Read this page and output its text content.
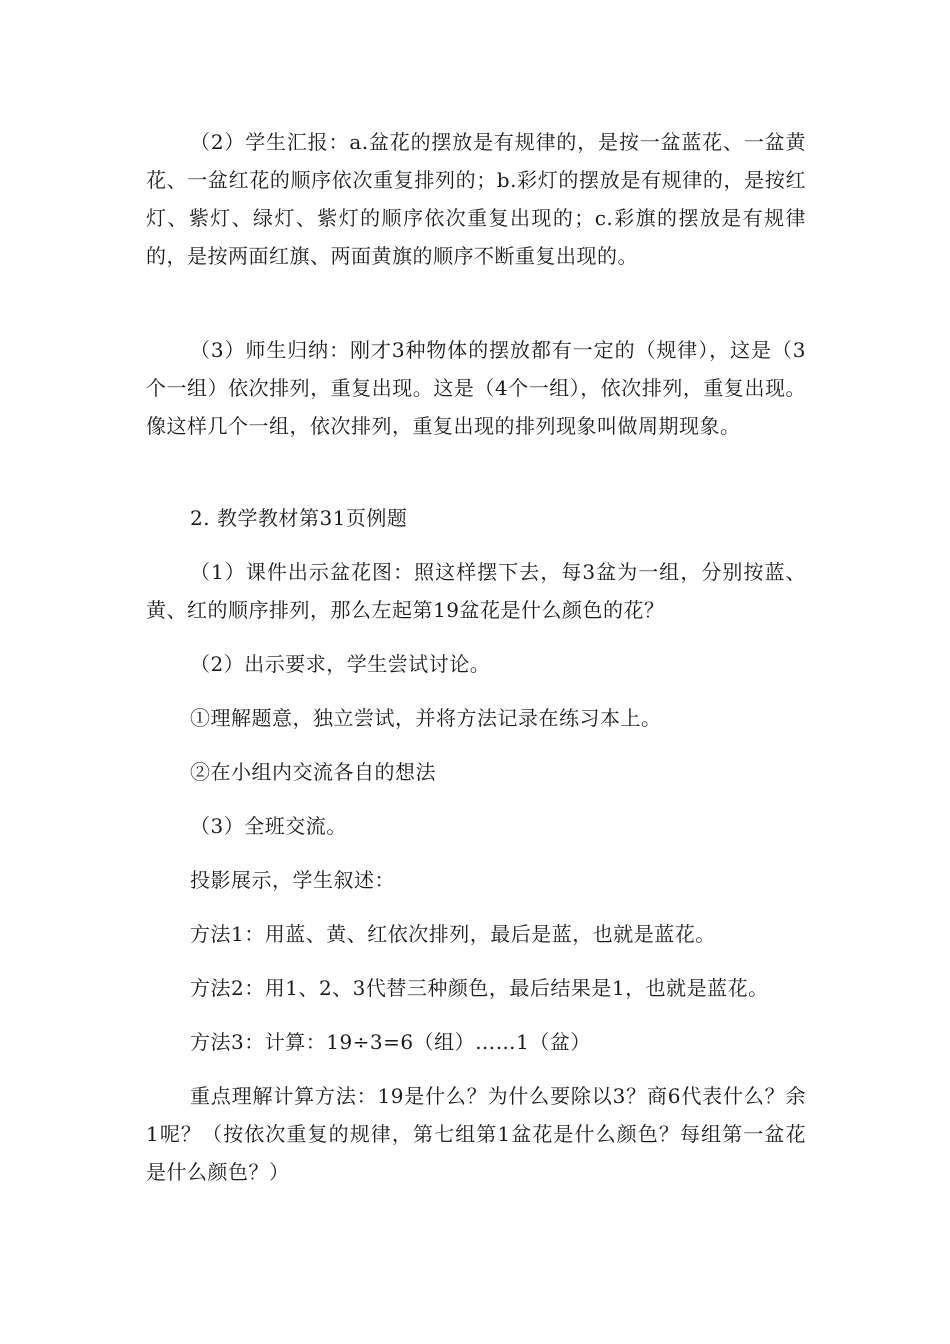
（2）学生汇报：a.盆花的摆放是有规律的，是按一盆蓝花、一盆黄花、一盆红花的顺序依次重复排列的；b.彩灯的摆放是有规律的，是按红灯、紫灯、绿灯、紫灯的顺序依次重复出现的；c.彩旗的摆放是有规律的，是按两面红旗、两面黄旗的顺序不断重复出现的。

（3）师生归纳：刚才3种物体的摆放都有一定的（规律），这是（3个一组）依次排列，重复出现。这是（4个一组），依次排列，重复出现。像这样几个一组，依次排列，重复出现的排列现象叫做周期现象。

2. 教学教材第31页例题

（1）课件出示盆花图：照这样摆下去，每3盆为一组，分别按蓝、黄、红的顺序排列，那么左起第19盆花是什么颜色的花？

（2）出示要求，学生尝试讨论。

①理解题意，独立尝试，并将方法记录在练习本上。

②在小组内交流各自的想法

（3）全班交流。

投影展示，学生叙述：

方法1：用蓝、黄、红依次排列，最后是蓝，也就是蓝花。

方法2：用1、2、3代替三种颜色，最后结果是1，也就是蓝花。

方法3：计算：19÷3=6（组）……1（盆）

重点理解计算方法：19是什么？为什么要除以3？商6代表什么？余1呢？（按依次重复的规律，第七组第1盆花是什么颜色？每组第一盆花是什么颜色？）
